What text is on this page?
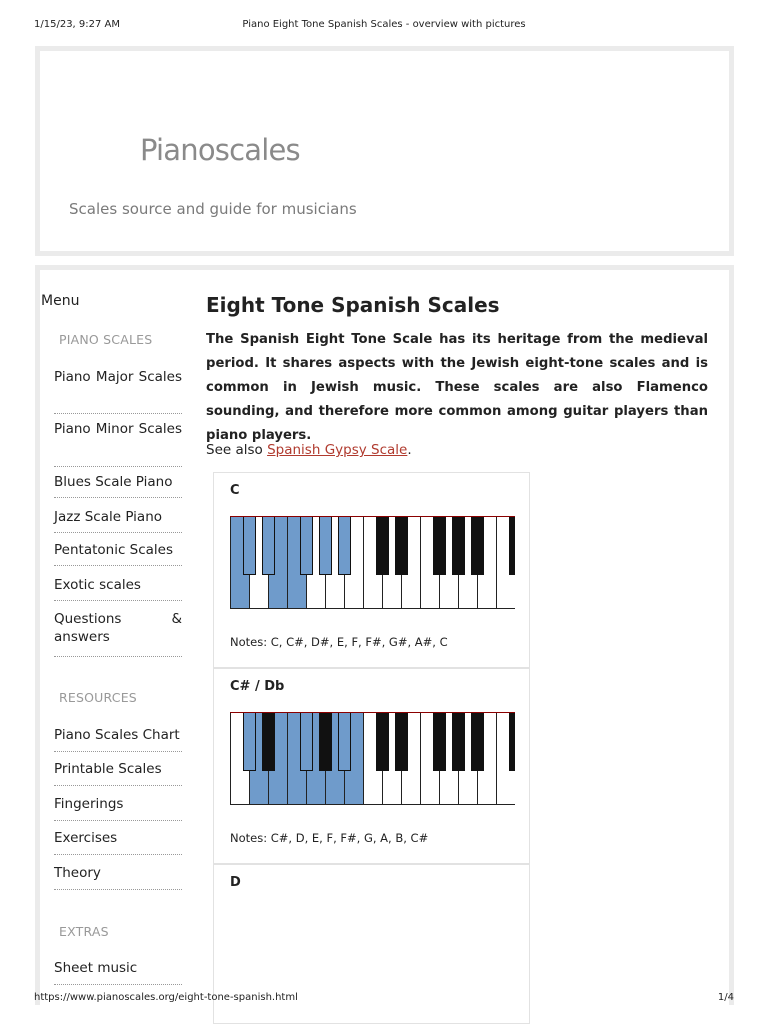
1/15/23, 9:27 AM	Piano Eight Tone Spanish Scales - overview with pictures
Pianoscales
Scales source and guide for musicians
Menu
PIANO SCALES
Piano Major Scales
Piano Minor Scales
Blues Scale Piano
Jazz Scale Piano
Pentatonic Scales
Exotic scales
Questions & answers
RESOURCES
Piano Scales Chart
Printable Scales
Fingerings
Exercises
Theory
EXTRAS
Sheet music
Eight Tone Spanish Scales

The Spanish Eight Tone Scale has its heritage from the medieval period. It shares aspects with the Jewish eight-tone scales and is common in Jewish music. These scales are also Flamenco sounding, and therefore more common among guitar players than piano players.

See also Spanish Gypsy Scale.

C
Notes: C, C#, D#, E, F, F#, G#, A#, C
C# / Db
Notes: C#, D, E, F, F#, G, A, B, C#
D
https://www.pianoscales.org/eight-tone-spanish.html	1/4
